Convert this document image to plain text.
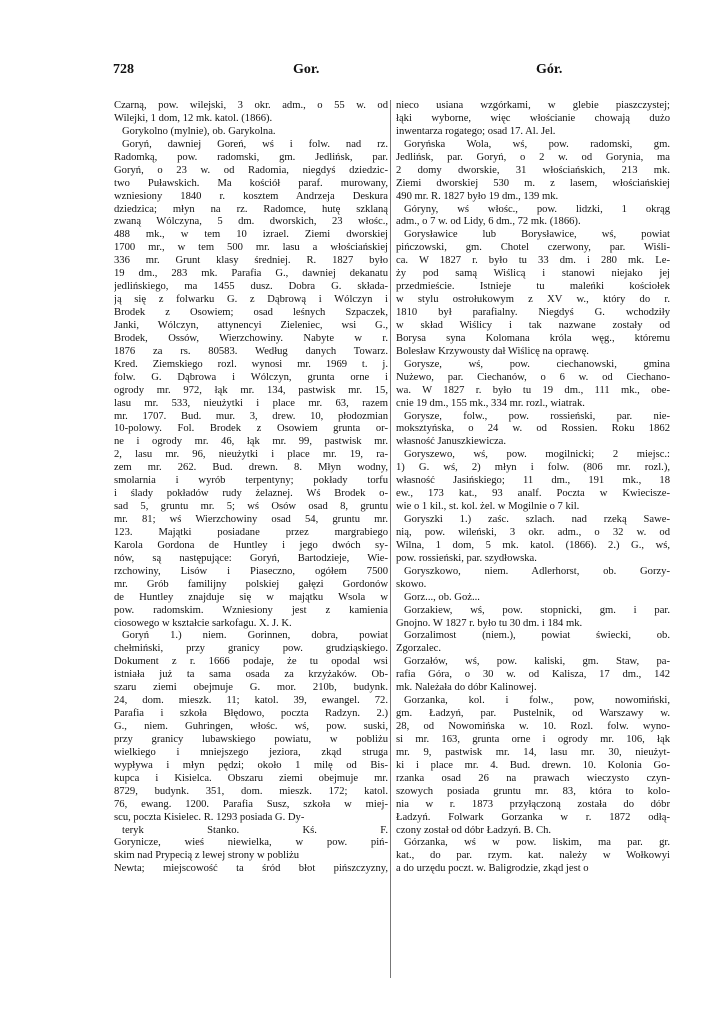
728	Gor.	Gór.
Czarną, pow. wilejski, 3 okr. adm., o 55 w. od
Wilejki, 1 dom, 12 mk. katol. (1866).
Gorykolno (mylnie), ob. Garykolna.
Goryń, dawniej Goreń, wś i folw. nad rz.
Radomką, pow. radomski, gm. Jedlińsk, par.
Goryń, o 23 w. od Radomia, niegdyś dziedzic-
two Puławskich. Ma kościół paraf. murowany,
wzniesiony 1840 r. kosztem Andrzeja Deskura
dziedzica; młyn na rz. Radomce, hutę szklaną
zwaną Wólczyna, 5 dm. dworskich, 23 włośc.,
488 mk., w tem 10 izrael. Ziemi dworskiej
1700 mr., w tem 500 mr. lasu a włościańskiej
336 mr. Grunt klasy średniej. R. 1827 było
19 dm., 283 mk. Parafia G., dawniej dekanatu
jedlińskiego, ma 1455 dusz. Dobra G. składa-
ją się z folwarku G. z Dąbrową i Wólczyn i
Brodek z Osowiem; osad leśnych Szpaczek,
Janki, Wólczyn, attynencyi Zieleniec, wsi G.,
Brodek, Ossów, Wierzchowiny. Nabyte w r.
1876 za rs. 80583. Według danych Towarz.
Kred. Ziemskiego rozl. wynosi mr. 1969 t. j.
folw. G. Dąbrowa i Wólczyn, grunta orne i
ogrody mr. 972, łąk mr. 134, pastwisk mr. 15,
lasu mr. 533, nieużytki i place mr. 63, razem
mr. 1707. Bud. mur. 3, drew. 10, płodozmian
10-polowy. Fol. Brodek z Osowiem grunta or-
ne i ogrody mr. 46, łąk mr. 99, pastwisk mr.
2, lasu mr. 96, nieużytki i place mr. 19, ra-
zem mr. 262. Bud. drewn. 8. Młyn wodny,
smolarnia i wyrób terpentyny; pokłady torfu
i ślady pokładów rudy żelaznej. Wś Brodek o-
sad 5, gruntu mr. 5; wś Osów osad 8, gruntu
mr. 81; wś Wierzchowiny osad 54, gruntu mr.
123. Majątki posiadane przez margrabiego
Karola Gordona de Huntley i jego dwóch sy-
nów, są następujące: Goryń, Bartodzieje, Wie-
rzchowiny, Lisów i Piaseczno, ogółem 7500
mr. Grób familijny polskiej gałęzi Gordonów
de Huntley znajduje się w majątku Wsola w
pow. radomskim. Wzniesiony jest z kamienia
ciosowego w kształcie sarkofagu. X. J. K.
Goryń 1.) niem. Gorinnen, dobra, powiat
chełmiński, przy granicy pow. grudziąskiego.
Dokument z r. 1666 podaje, że tu opodal wsi
istniała już ta sama osada za krzyżaków. Ob-
szaru ziemi obejmuje G. mor. 210b, budynk.
24, dom. mieszk. 11; katol. 39, ewangel. 72.
Parafia i szkoła Błędowo, poczta Radzyn. 2.)
G., niem. Guhringen, włośc. wś, pow. suski,
przy granicy lubawskiego powiatu, w pobliżu
wielkiego i mniejszego jeziora, zkąd struga
wypływa i młyn pędzi; około 1 milę od Bis-
kupca i Kisielca. Obszaru ziemi obejmuje mr.
8729, budynk. 351, dom. mieszk. 172; katol.
76, ewang. 1200. Parafia Susz, szkoła w miej-
scu, poczta Kisielec. R. 1293 posiada G. Dy-
teryk Stanko. Kś. F.
Gorynicze, wieś niewielka, w pow. piń-
skim nad Prypecią z lewej strony w pobliżu
Newta; miejscowość ta śród błot pińszczyzny,
nieco usiana wzgórkami, w glebie piaszczystej;
łąki wyborne, więc włościanie chowają dużo
inwentarza rogatego; osad 17. Al. Jel.
Goryńska Wola, wś, pow. radomski, gm.
Jedlińsk, par. Goryń, o 2 w. od Gorynia, ma
2 domy dworskie, 31 włościańskich, 213 mk.
Ziemi dworskiej 530 m. z lasem, włościańskiej
490 mr. R. 1827 było 19 dm., 139 mk.
Góryny, wś włośc., pow. lidzki, 1 okrąg
adm., o 7 w. od Lidy, 6 dm., 72 mk. (1866).
Gorysławice lub Borysławice, wś, powiat
pińczowski, gm. Chotel czerwony, par. Wiśli-
ca. W 1827 r. było tu 33 dm. i 280 mk. Le-
ży pod samą Wiślicą i stanowi niejako jej
przedmieście. Istnieje tu maleńki kościołek
w stylu ostrołukowym z XV w., który do r.
1810 był parafialny. Niegdyś G. wchodziły
w skład Wiślicy i tak nazwane zostały od
Borysa syna Kolomana króla węg., któremu
Bolesław Krzywousty dał Wiślicę na oprawę.
Gorysze, wś, pow. ciechanowski, gmina
Nużewo, par. Ciechanów, o 6 w. od Ciechano-
wa. W 1827 r. było tu 19 dm., 111 mk., obe-
cnie 19 dm., 155 mk., 334 mr. rozl., wiatrak.
Gorysze, folw., pow. rossieński, par. nie-
moksztyńska, o 24 w. od Rossien. Roku 1862
własność Januszkiewicza.
Goryszewo, wś, pow. mogilnicki; 2 miejsc.:
1) G. wś, 2) młyn i folw. (806 mr. rozl.),
własność Jasińskiego; 11 dm., 191 mk., 18
ew., 173 kat., 93 analf. Poczta w Kwiecisze-
wie o 1 kil., st. kol. żel. w Mogilnie o 7 kil.
Goryszki 1.) zaśc. szlach. nad rzeką Sawe-
nią, pow. wileński, 3 okr. adm., o 32 w. od
Wilna, 1 dom, 5 mk. katol. (1866). 2.) G., wś,
pow. rossieński, par. szydłowska.
Goryszkowo, niem. Adlerhorst, ob. Gorzy-
skowo.
Gorz..., ob. Goż...
Gorzakiew, wś, pow. stopnicki, gm. i par.
Gnojno. W 1827 r. było tu 30 dm. i 184 mk.
Gorzalimost (niem.), powiat świecki, ob.
Zgorzalec.
Gorzałów, wś, pow. kaliski, gm. Staw, pa-
rafia Góra, o 30 w. od Kalisza, 17 dm., 142
mk. Należała do dóbr Kalinowej.
Gorzanka, kol. i folw., pow, nowomiński,
gm. Ładzyń, par. Pustelnik, od Warszawy w.
28, od Nowomińska w. 10. Rozl. folw. wyno-
si mr. 163, grunta orne i ogrody mr. 106, łąk
mr. 9, pastwisk mr. 14, lasu mr. 30, nieużyt-
ki i place mr. 4. Bud. drewn. 10. Kolonia Go-
rzanka osad 26 na prawach wieczysto czyn-
szowych posiada gruntu mr. 83, która to kolo-
nia w r. 1873 przyłączoną została do dóbr
Ładzyń. Folwark Gorzanka w r. 1872 odłą-
czony został od dóbr Ładzyń. B. Ch.
Górzanka, wś w pow. liskim, ma par. gr.
kat., do par. rzym. kat. należy w Wołkowyi
a do urzędu poczt. w. Baligrodzie, zkąd jest o
